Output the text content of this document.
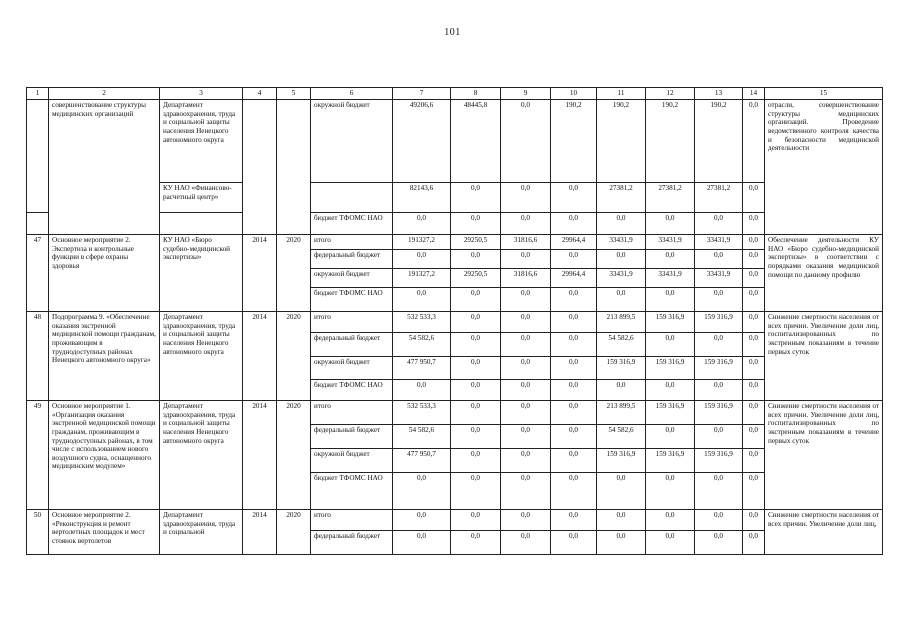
101
1	2	3	4	5	6	7	8	9	10	11	12	13	14	15
	совершенствование структуры медицинских организаций	Департамент здравоохранения, труда и социальной защиты населения Ненецкого автономного округа			окружной бюджет	49206,6	48445,8	0,0	190,2	190,2	190,2	190,2	0,0	отрасли, совершенствование структуры медицинских организаций. Проведение ведомственного контроля качества и безопасности медицинской деятельности
		КУ НАО «Финансово-расчетный центр»				82143,6	0,0	0,0	0,0	27381,2	27381,2	27381,2	0,0	
					бюджет ТФОМС НАО	0,0	0,0	0,0	0,0	0,0	0,0	0,0	0,0	
47	Основное мероприятие 2. Экспертиза и контрольные функции в сфере охраны здоровья	КУ НАО «Бюро судебно-медицинской экспертизы»	2014	2020	итого	191327,2	29250,5	31816,6	29964,4	33431,9	33431,9	33431,9	0,0	Обеспечение деятельности КУ НАО «Бюро судебно-медицинской экспертизы» в соответствии с порядками оказания медицинской помощи по данному профилю
					федеральный бюджет	0,0	0,0	0,0	0,0	0,0	0,0	0,0	0,0	
					окружной бюджет	191327,2	29250,5	31816,6	29964,4	33431,9	33431,9	33431,9	0,0	
					бюджет ТФОМС НАО	0,0	0,0	0,0	0,0	0,0	0,0	0,0	0,0	
48	Подпрограмма 9. «Обеспечение оказания экстренной медицинской помощи гражданам, проживающим в труднодоступных районах Ненецкого автономного округа»	Департамент здравоохранения, труда и социальной защиты населения Ненецкого автономного округа	2014	2020	итого	532 533,3	0,0	0,0	0,0	213 899,5	159 316,9	159 316,9	0,0	Снижение смертности населения от всех причин. Увеличение доли лиц, госпитализированных по экстренным показаниям в течение первых суток
					федеральный бюджет	54 582,6	0,0	0,0	0,0	54 582,6	0,0	0,0	0,0	
					окружной бюджет	477 950,7	0,0	0,0	0,0	159 316,9	159 316,9	159 316,9	0,0	
					бюджет ТФОМС НАО	0,0	0,0	0,0	0,0	0,0	0,0	0,0	0,0	
49	Основное мероприятие 1. «Организация оказания экстренной медицинской помощи гражданам, проживающим в труднодоступных районах, в том числе с использованием нового воздушного судна, оснащенного медицинским модулем»	Департамент здравоохранения, труда и социальной защиты населения Ненецкого автономного округа	2014	2020	итого	532 533,3	0,0	0,0	0,0	213 899,5	159 316,9	159 316,9	0,0	Снижение смертности населения от всех причин. Увеличение доли лиц, госпитализированных по экстренным показаниям в течение первых суток
					федеральный бюджет	54 582,6	0,0	0,0	0,0	54 582,6	0,0	0,0	0,0	
					окружной бюджет	477 950,7	0,0	0,0	0,0	159 316,9	159 316,9	159 316,9	0,0	
					бюджет ТФОМС НАО	0,0	0,0	0,0	0,0	0,0	0,0	0,0	0,0	
50	Основное мероприятие 2. «Реконструкция и ремонт вертолетных площадок и мест стоянок вертолетов	Департамент здравоохранения, труда и социальной	2014	2020	итого	0,0	0,0	0,0	0,0	0,0	0,0	0,0	0,0	Снижение смертности населения от всех причин. Увеличение доли лиц,
					федеральный бюджет	0,0	0,0	0,0	0,0	0,0	0,0	0,0	0,0	
